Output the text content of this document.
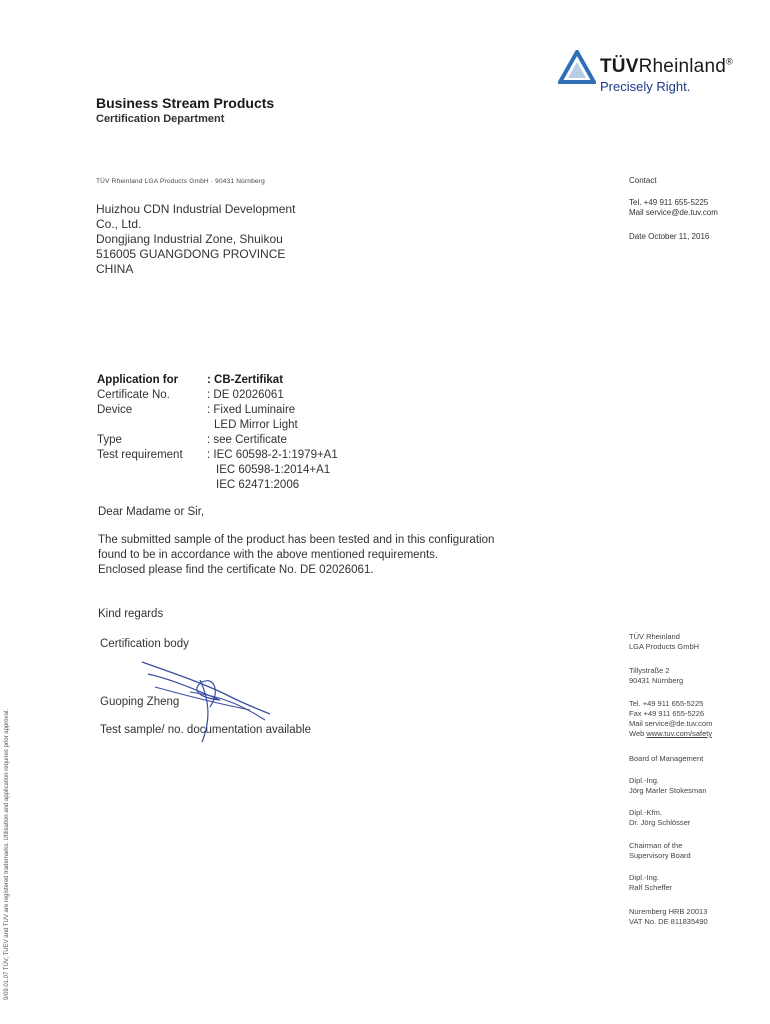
TÜVRheinland®
Precisely Right.
Business Stream Products
Certification Department
TÜV Rheinland LGA Products GmbH · 90431 Nürnberg
Huizhou CDN Industrial Development
Co., Ltd.
Dongjiang Industrial Zone, Shuikou
516005 GUANGDONG PROVINCE
CHINA
Contact
Tel. +49 911 655-5225
Mail service@de.tuv.com
Date October 11, 2016
Application for	: CB-Zertifikat
Certificate No.	: DE 02026061
Device	: Fixed Luminaire
LED Mirror Light
Type	: see Certificate
Test requirement : IEC 60598-2-1:1979+A1
IEC 60598-1:2014+A1
IEC 62471:2006
Dear Madame or Sir,
The submitted sample of the product has been tested and in this configuration
found to be in accordance with the above mentioned requirements.
Enclosed please find the certificate No. DE 02026061.
Kind regards
Certification body
Guoping Zheng
Test sample/ no. documentation available
TÜV Rheinland
LGA Products GmbH
Tillystraße 2
90431 Nürnberg
Tel. +49 911 655-5225
Fax +49 911 655-5226
Mail service@de.tuv.com
Web www.tuv.com/safety
Board of Management
Dipl.-Ing.
Jörg Marler Stokesman
Dipl.-Kfm.
Dr. Jörg Schlösser
Chairman of the
Supervisory Board
Dipl.-Ing.
Ralf Scheffer
Nuremberg HRB 20013
VAT No. DE 811835490
9/09.01.07 TÜV, TUEV and TUV are registered trademarks. Utilisation and application requires prior approval.
